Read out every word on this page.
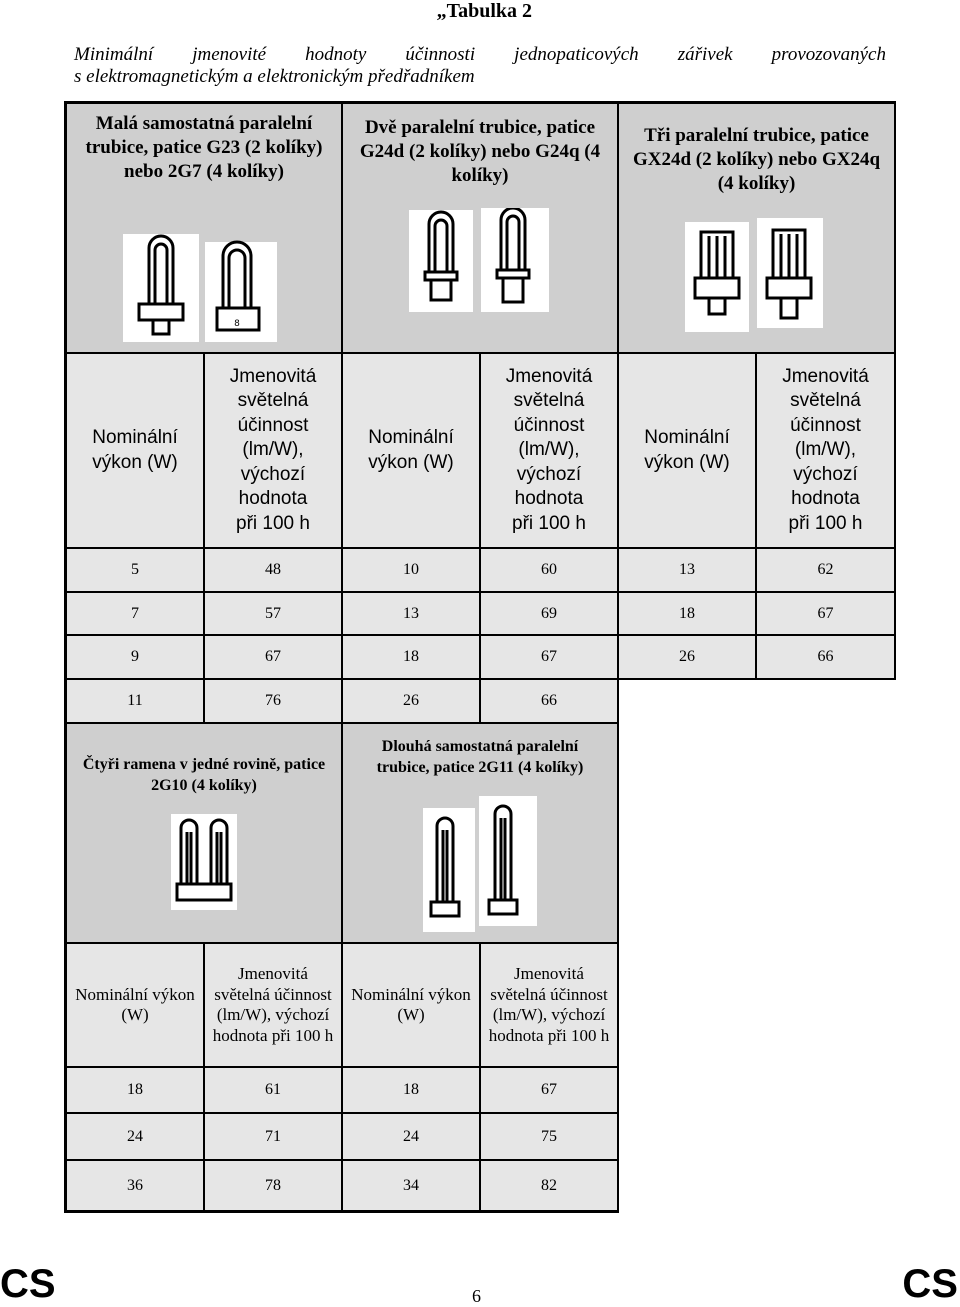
„Tabulka 2
Minimální jmenovité hodnoty účinnosti jednopaticových zářivek provozovaných
s elektromagnetickým a elektronickým předřadníkem
Malá samostatná paralelní trubice, patice G23 (2 kolíky) nebo 2G7 (4 kolíky)
8
Dvě paralelní trubice, patice G24d (2 kolíky) nebo G24q (4 kolíky)
Tři paralelní trubice, patice GX24d (2 kolíky) nebo GX24q (4 kolíky)
Nominální výkon (W)
Jmenovitá světelná účinnost (lm/W), výchozí hodnota při 100 h
Nominální výkon (W)
Jmenovitá světelná účinnost (lm/W), výchozí hodnota při 100 h
Nominální výkon (W)
Jmenovitá světelná účinnost (lm/W), výchozí hodnota při 100 h
5	48	10	60	13	62
7	57	13	69	18	67
9	67	18	67	26	66
11	76	26	66
Čtyři ramena v jedné rovině, patice 2G10 (4 kolíky)
Dlouhá samostatná paralelní trubice, patice 2G11 (4 kolíky)
Nominální výkon (W)
Jmenovitá světelná účinnost (lm/W), výchozí hodnota při 100 h
Nominální výkon (W)
Jmenovitá světelná účinnost (lm/W), výchozí hodnota při 100 h
18	61	18	67
24	71	24	75
36	78	34	82
CS	CS
6
